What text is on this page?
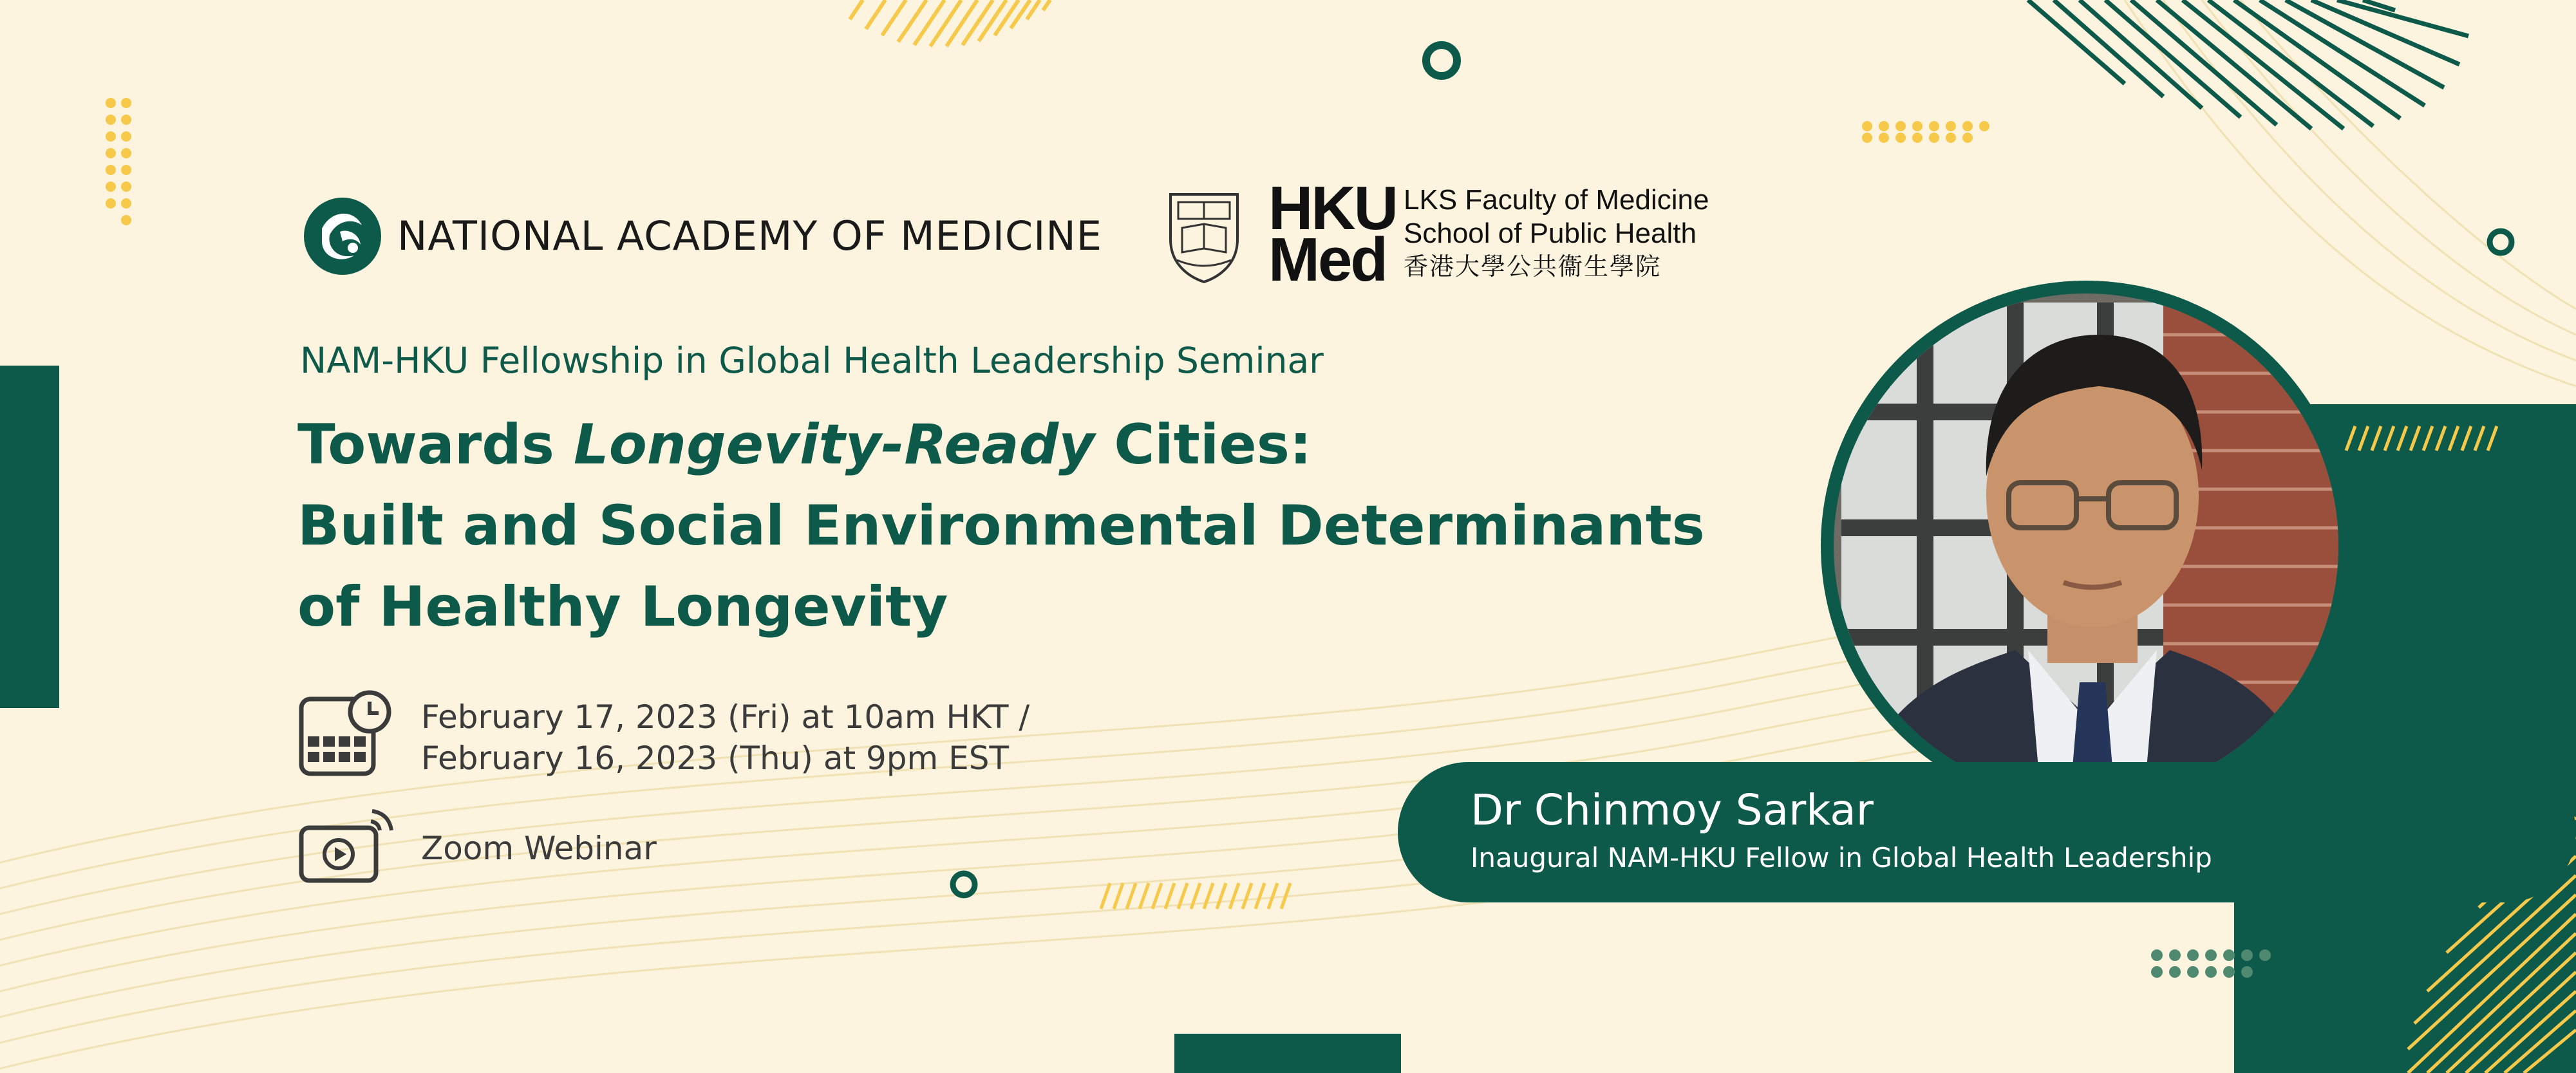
NATIONAL ACADEMY OF MEDICINE	HKU
Med
LKS Faculty of Medicine
School of Public Health
香港大學公共衞生學院
NAM-HKU Fellowship in Global Health Leadership Seminar
Towards Longevity-Ready Cities:
Built and Social Environmental Determinants
of Healthy Longevity
February 17, 2023 (Fri) at 10am HKT /
February 16, 2023 (Thu) at 9pm EST
Zoom Webinar
Dr Chinmoy Sarkar
Inaugural NAM-HKU Fellow in Global Health Leadership
